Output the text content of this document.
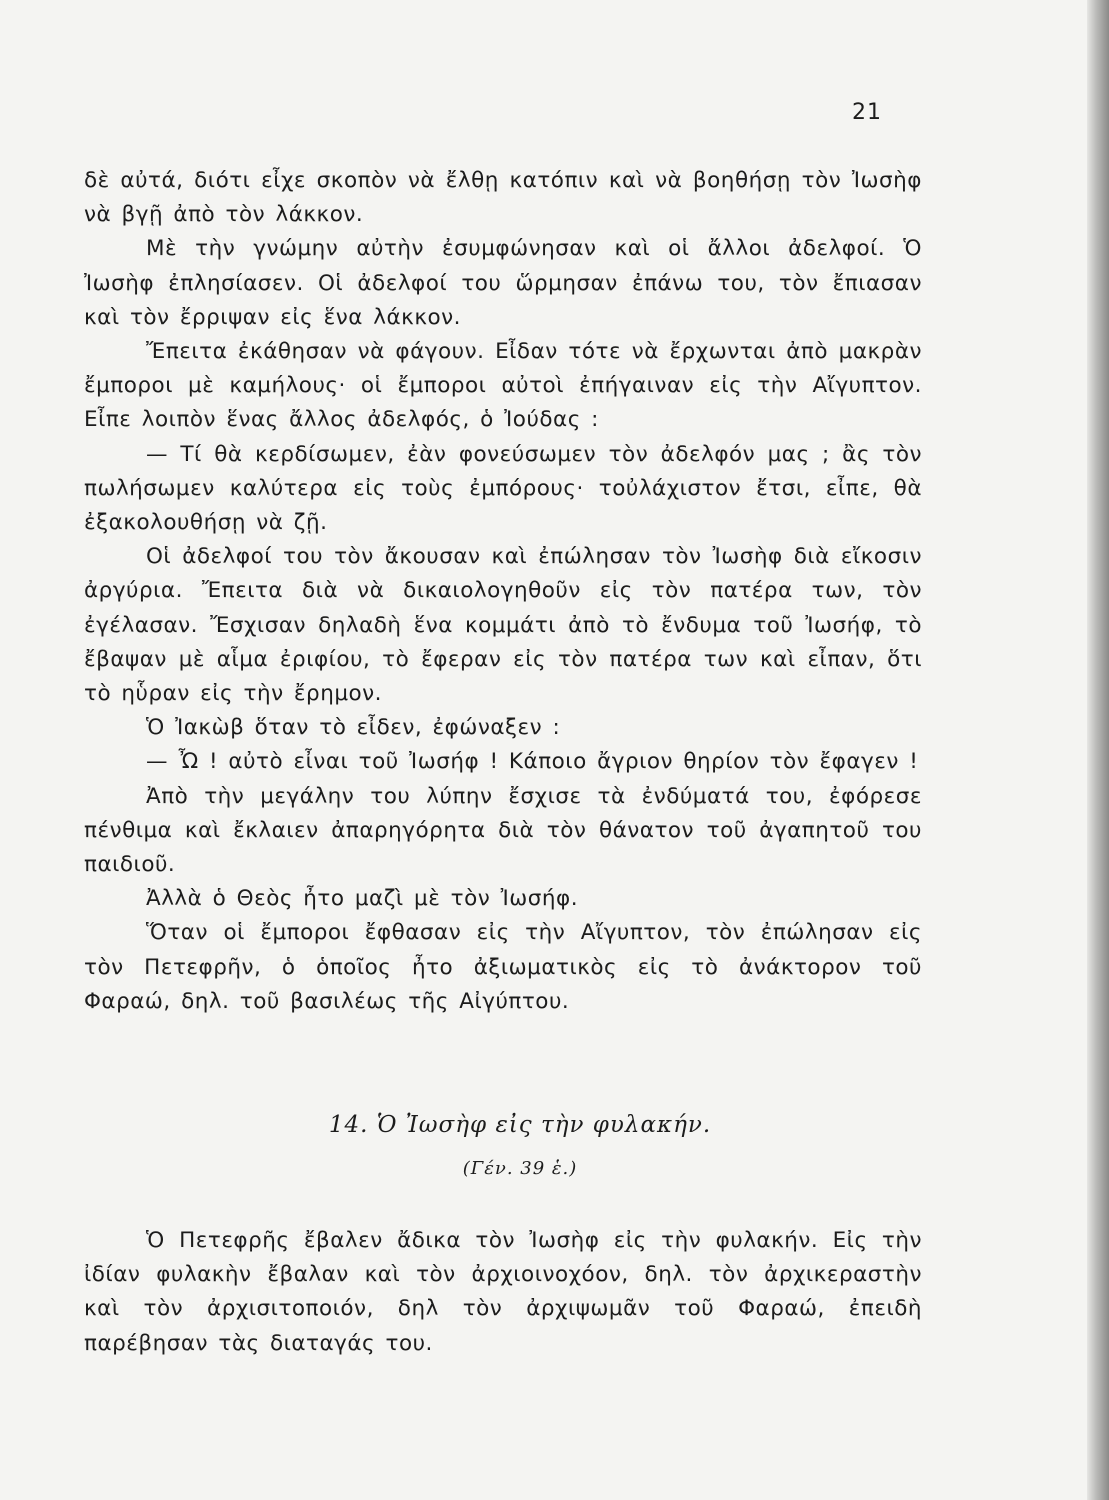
21

δὲ αὐτά, διότι εἶχε σκοπὸν νὰ ἔλθῃ κατόπιν καὶ νὰ βοηθήσῃ τὸν Ἰωσὴφ νὰ βγῇ ἀπὸ τὸν λάκκον.

Μὲ τὴν γνώμην αὐτὴν ἐσυμφώνησαν καὶ οἱ ἄλλοι ἀδελφοί. Ὁ Ἰωσὴφ ἐπλησίασεν. Οἱ ἀδελφοί του ὥρμησαν ἐπάνω του, τὸν ἔπιασαν καὶ τὸν ἔρριψαν εἰς ἕνα λάκκον.

Ἔπειτα ἐκάθησαν νὰ φάγουν. Εἶδαν τότε νὰ ἔρχωνται ἀπὸ μακρὰν ἔμποροι μὲ καμήλους· οἱ ἔμποροι αὐτοὶ ἐπήγαιναν εἰς τὴν Αἴγυπτον. Εἶπε λοιπὸν ἕνας ἄλλος ἀδελφός, ὁ Ἰούδας :

— Τί θὰ κερδίσωμεν, ἐὰν φονεύσωμεν τὸν ἀδελφόν μας ; ἂς τὸν πωλήσωμεν καλύτερα εἰς τοὺς ἐμπόρους· τοὐλάχιστον ἔτσι, εἶπε, θὰ ἐξακολουθήσῃ νὰ ζῇ.

Οἱ ἀδελφοί του τὸν ἄκουσαν καὶ ἐπώλησαν τὸν Ἰωσὴφ διὰ εἴκοσιν ἀργύρια. Ἔπειτα διὰ νὰ δικαιολογηθοῦν εἰς τὸν πατέρα των, τὸν ἐγέλασαν. Ἔσχισαν δηλαδὴ ἕνα κομμάτι ἀπὸ τὸ ἔνδυμα τοῦ Ἰωσήφ, τὸ ἔβαψαν μὲ αἷμα ἐριφίου, τὸ ἔφεραν εἰς τὸν πατέρα των καὶ εἶπαν, ὅτι τὸ ηὗραν εἰς τὴν ἔρημον.

Ὁ Ἰακὼβ ὅταν τὸ εἶδεν, ἐφώναξεν :

— Ὦ ! αὐτὸ εἶναι τοῦ Ἰωσήφ ! Κάποιο ἄγριον θηρίον τὸν ἔφαγεν !

Ἀπὸ τὴν μεγάλην του λύπην ἔσχισε τὰ ἐνδύματά του, ἐφόρεσε πένθιμα καὶ ἔκλαιεν ἀπαρηγόρητα διὰ τὸν θάνατον τοῦ ἀγαπητοῦ του παιδιοῦ.

Ἀλλὰ ὁ Θεὸς ἦτο μαζὶ μὲ τὸν Ἰωσήφ.

Ὅταν οἱ ἔμποροι ἔφθασαν εἰς τὴν Αἴγυπτον, τὸν ἐπώλησαν εἰς τὸν Πετεφρῆν, ὁ ὁποῖος ἦτο ἀξιωματικὸς εἰς τὸ ἀνάκτορον τοῦ Φαραώ, δηλ. τοῦ βασιλέως τῆς Αἰγύπτου.

14. Ὁ Ἰωσὴφ εἰς τὴν φυλακήν.
(Γέν. 39 ἑ.)

Ὁ Πετεφρῆς ἔβαλεν ἄδικα τὸν Ἰωσὴφ εἰς τὴν φυλακήν. Εἰς τὴν ἰδίαν φυλακὴν ἔβαλαν καὶ τὸν ἀρχιοινοχόον, δηλ. τὸν ἀρχικεραστὴν καὶ τὸν ἀρχισιτοποιόν, δηλ τὸν ἀρχιψωμᾶν τοῦ Φαραώ, ἐπειδὴ παρέβησαν τὰς διαταγάς του.
